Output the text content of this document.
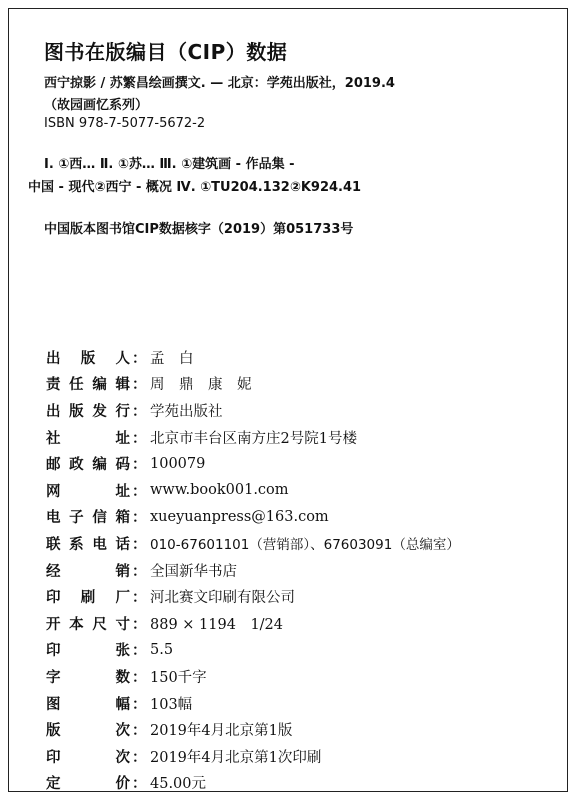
图书在版编目（CIP）数据
西宁掠影 / 苏繁昌绘画撰文. — 北京：学苑出版社，2019.4
（故园画忆系列）
ISBN 978-7-5077-5672-2
Ⅰ. ①西… Ⅱ. ①苏… Ⅲ. ①建筑画 - 作品集 -
中国 - 现代②西宁 - 概况 Ⅳ. ①TU204.132②K924.41
中国版本图书馆CIP数据核字（2019）第051733号
出 版 人 ： 孟　白
责 任 编 辑 ： 周　鼎　康　妮
出 版 发 行 ： 学苑出版社
社	址 ： 北京市丰台区南方庄2号院1号楼
邮 政 编 码 ： 100079
网	址 ： www.book001.com
电 子 信 箱 ： xueyuanpress@163.com
联 系 电 话 ： 010-67601101（营销部）、67603091（总编室）
经	销 ： 全国新华书店
印 刷 厂 ： 河北赛文印刷有限公司
开 本 尺 寸 ： 889 × 1194　1/24
印	张 ： 5.5
字	数 ： 150千字
图	幅 ： 103幅
版	次 ： 2019年4月北京第1版
印	次 ： 2019年4月北京第1次印刷
定	价 ： 45.00元
